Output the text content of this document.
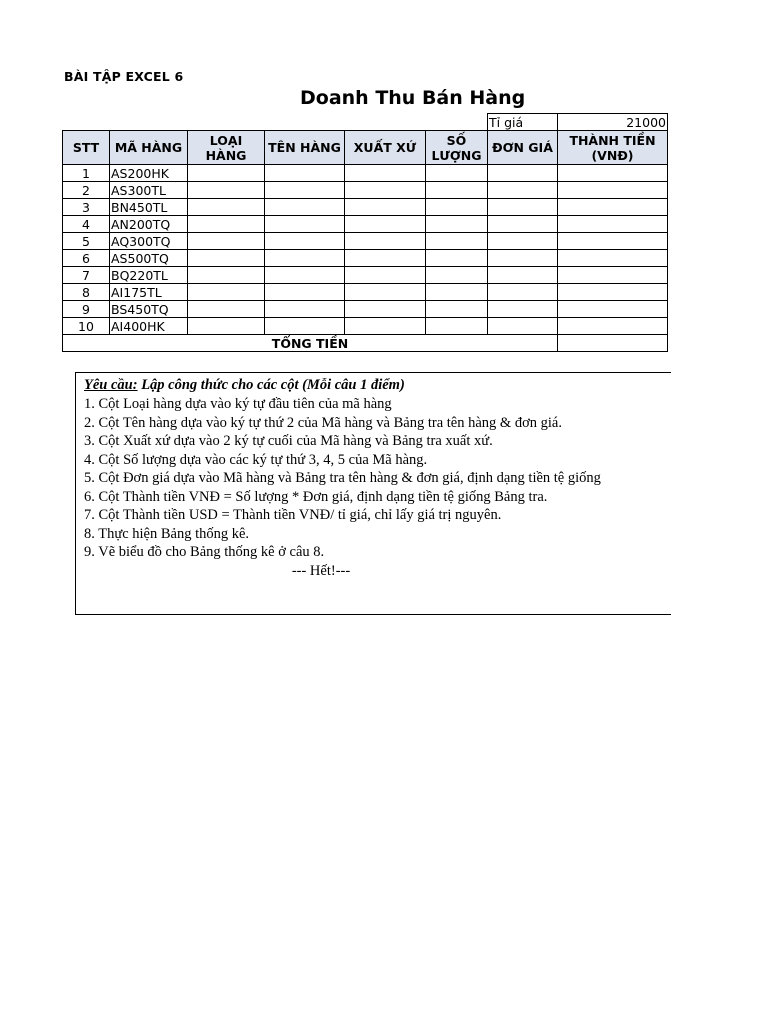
BÀI TẬP EXCEL 6
Doanh Thu Bán Hàng
						Tỉ giá	21000
STT	MÃ HÀNG	LOẠI HÀNG	TÊN HÀNG	XUẤT XỨ	SỐ LƯỢNG	ĐƠN GIÁ	THÀNH TIỀN (VNĐ)
1	AS200HK						
2	AS300TL						
3	BN450TL						
4	AN200TQ						
5	AQ300TQ						
6	AS500TQ						
7	BQ220TL						
8	AI175TL						
9	BS450TQ						
10	AI400HK						
TỔNG TIỀN							
Yêu cầu: Lập công thức cho các cột (Mỗi câu 1 điểm)
1. Cột Loại hàng dựa vào ký tự đầu tiên của mã hàng
2. Cột Tên hàng dựa vào ký tự thứ 2 của Mã hàng và Bảng tra tên hàng & đơn giá.
3. Cột Xuất xứ dựa vào 2 ký tự cuối của Mã hàng và Bảng tra xuất xứ.
4. Cột Số lượng dựa vào các ký tự thứ 3, 4, 5 của Mã hàng.
5. Cột Đơn giá dựa vào Mã hàng và Bảng tra tên hàng & đơn giá, định dạng tiền tệ giống
6. Cột Thành tiền VNĐ = Số lượng * Đơn giá, định dạng tiền tệ giống Bảng tra.
7. Cột Thành tiền USD = Thành tiền VNĐ/ tỉ giá, chỉ lấy giá trị nguyên.
8. Thực hiện Bảng thống kê.
9. Vẽ biểu đồ cho Bảng thống kê ở câu 8.
--- Hết!---
